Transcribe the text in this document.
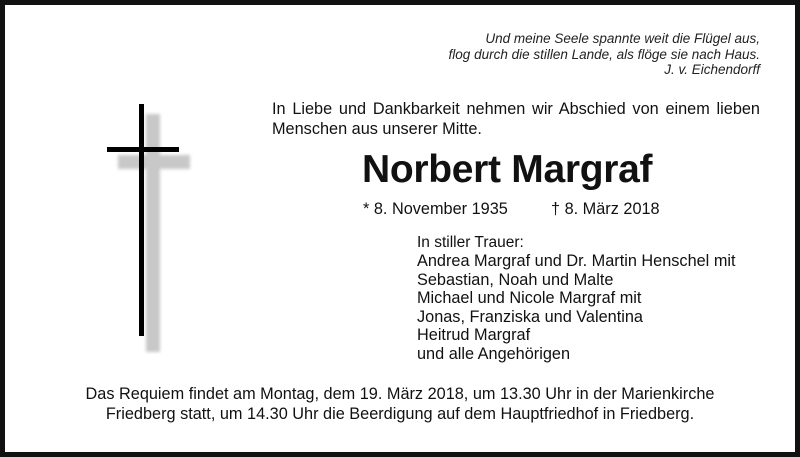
Und meine Seele spannte weit die Flügel aus,
flog durch die stillen Lande, als flöge sie nach Haus.
J. v. Eichendorff
In Liebe und Dankbarkeit nehmen wir Abschied von einem lieben Menschen aus unserer Mitte.
Norbert Margraf
* 8. November 1935	† 8. März 2018
In stiller Trauer:
Andrea Margraf und Dr. Martin Henschel mit
Sebastian, Noah und Malte
Michael und Nicole Margraf mit
Jonas, Franziska und Valentina
Heitrud Margraf
und alle Angehörigen
Das Requiem findet am Montag, dem 19. März 2018, um 13.30 Uhr in der Marienkirche
Friedberg statt, um 14.30 Uhr die Beerdigung auf dem Hauptfriedhof in Friedberg.
